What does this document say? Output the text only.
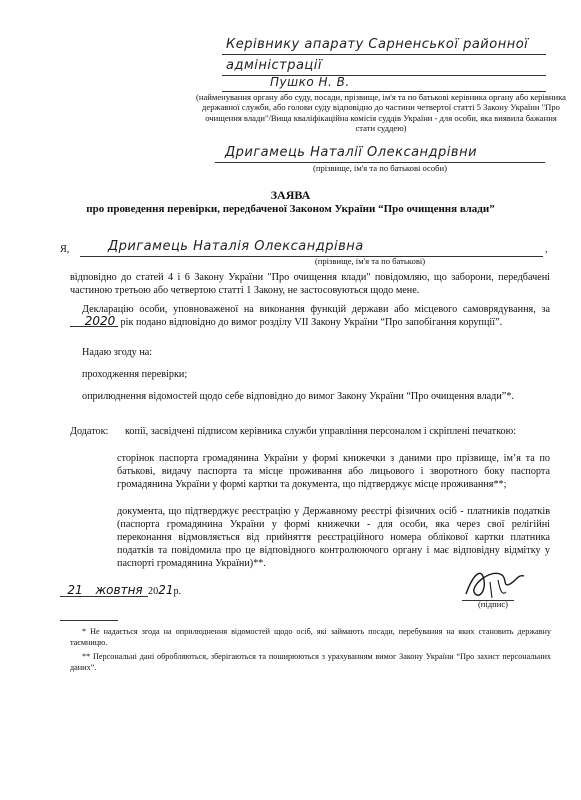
Керівнику апарату Сарненської районної
адміністрації
Пушко Н. В.
(найменування органу або суду, посади, прізвище, ім'я та по батькові керівника органу або керівника державної служби, або голови суду відповідно до частини четвертої статті 5 Закону України "Про очищення влади"/Вища кваліфікаційна комісія суддів України - для особи, яка виявила бажання стати суддею)
Дригамець Наталії Олександрівни
(прізвище, ім'я та по батькові особи)
ЗАЯВА
про проведення перевірки, передбаченої Законом України “Про очищення влади”
Я,	Дригамець Наталія Олександрівна	,
(прізвище, ім'я та по батькові)
відповідно до статей 4 і 6 Закону України "Про очищення влади" повідомляю, що заборони, передбачені частиною третьою або четвертою статті 1 Закону, не застосовуються щодо мене.
Декларацію особи, уповноваженої на виконання функцій держави або місцевого самоврядування, за 2020 рік подано відповідно до вимог розділу VII Закону України “Про запобігання корупції”.
Надаю згоду на:
проходження перевірки;
оприлюднення відомостей щодо себе відповідно до вимог Закону України “Про очищення влади”*.
Додаток:	копії, засвідчені підписом керівника служби управління персоналом і скріплені печаткою:
сторінок паспорта громадянина України у формі книжечки з даними про прізвище, ім’я та по батькові, видачу паспорта та місце проживання або лицьового і зворотного боку паспорта громадянина України у формі картки та документа, що підтверджує місце проживання**;
документа, що підтверджує реєстрацію у Державному реєстрі фізичних осіб - платників податків (паспорта громадянина України у формі книжечки - для особи, яка через свої релігійні переконання відмовляється від прийняття реєстраційного номера облікової картки платника податків та повідомила про це відповідного контролюючого органу і має відповідну відмітку у паспорті громадянина України)**.
21 жовтня 2021р.
(підпис)
* Не надається згода на оприлюднення відомостей щодо осіб, які займають посади, перебування на яких становить державну таємницю.
** Персональні дані обробляються, зберігаються та поширюються з урахуванням вимог Закону України “Про захист персональних даних”.
